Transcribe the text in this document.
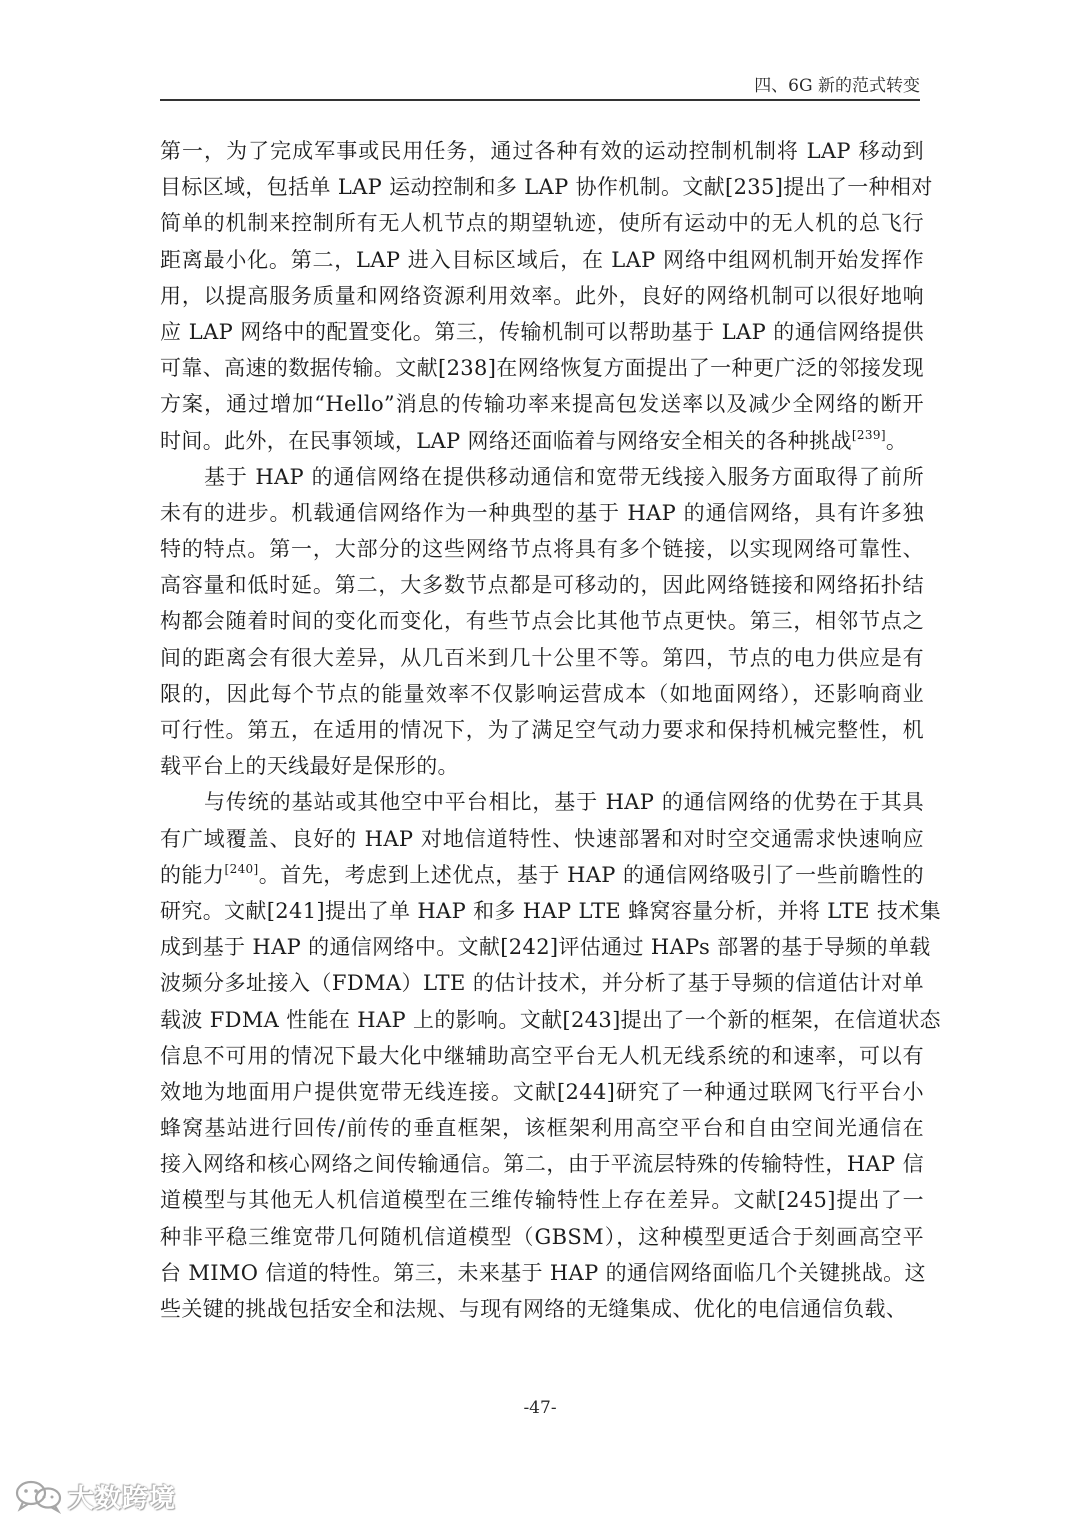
四、6G 新的范式转变
第一，为了完成军事或民用任务，通过各种有效的运动控制机制将 LAP 移动到
目标区域，包括单 LAP 运动控制和多 LAP 协作机制。文献[235]提出了一种相对
简单的机制来控制所有无人机节点的期望轨迹，使所有运动中的无人机的总飞行
距离最小化。第二，LAP 进入目标区域后，在 LAP 网络中组网机制开始发挥作
用，以提高服务质量和网络资源利用效率。此外，良好的网络机制可以很好地响
应 LAP 网络中的配置变化。第三，传输机制可以帮助基于 LAP 的通信网络提供
可靠、高速的数据传输。文献[238]在网络恢复方面提出了一种更广泛的邻接发现
方案，通过增加“Hello”消息的传输功率来提高包发送率以及减少全网络的断开
时间。此外，在民事领域，LAP 网络还面临着与网络安全相关的各种挑战[239]。
基于 HAP 的通信网络在提供移动通信和宽带无线接入服务方面取得了前所
未有的进步。机载通信网络作为一种典型的基于 HAP 的通信网络，具有许多独
特的特点。第一，大部分的这些网络节点将具有多个链接，以实现网络可靠性、
高容量和低时延。第二，大多数节点都是可移动的，因此网络链接和网络拓扑结
构都会随着时间的变化而变化，有些节点会比其他节点更快。第三，相邻节点之
间的距离会有很大差异，从几百米到几十公里不等。第四，节点的电力供应是有
限的，因此每个节点的能量效率不仅影响运营成本（如地面网络），还影响商业
可行性。第五，在适用的情况下，为了满足空气动力要求和保持机械完整性，机
载平台上的天线最好是保形的。
与传统的基站或其他空中平台相比，基于 HAP 的通信网络的优势在于其具
有广域覆盖、良好的 HAP 对地信道特性、快速部署和对时空交通需求快速响应
的能力[240]。首先，考虑到上述优点，基于 HAP 的通信网络吸引了一些前瞻性的
研究。文献[241]提出了单 HAP 和多 HAP LTE 蜂窝容量分析，并将 LTE 技术集
成到基于 HAP 的通信网络中。文献[242]评估通过 HAPs 部署的基于导频的单载
波频分多址接入（FDMA）LTE 的估计技术，并分析了基于导频的信道估计对单
载波 FDMA 性能在 HAP 上的影响。文献[243]提出了一个新的框架，在信道状态
信息不可用的情况下最大化中继辅助高空平台无人机无线系统的和速率，可以有
效地为地面用户提供宽带无线连接。文献[244]研究了一种通过联网飞行平台小
蜂窝基站进行回传/前传的垂直框架，该框架利用高空平台和自由空间光通信在
接入网络和核心网络之间传输通信。第二，由于平流层特殊的传输特性，HAP 信
道模型与其他无人机信道模型在三维传输特性上存在差异。文献[245]提出了一
种非平稳三维宽带几何随机信道模型（GBSM），这种模型更适合于刻画高空平
台 MIMO 信道的特性。第三，未来基于 HAP 的通信网络面临几个关键挑战。这
些关键的挑战包括安全和法规、与现有网络的无缝集成、优化的电信通信负载、
-47-
大数跨境
